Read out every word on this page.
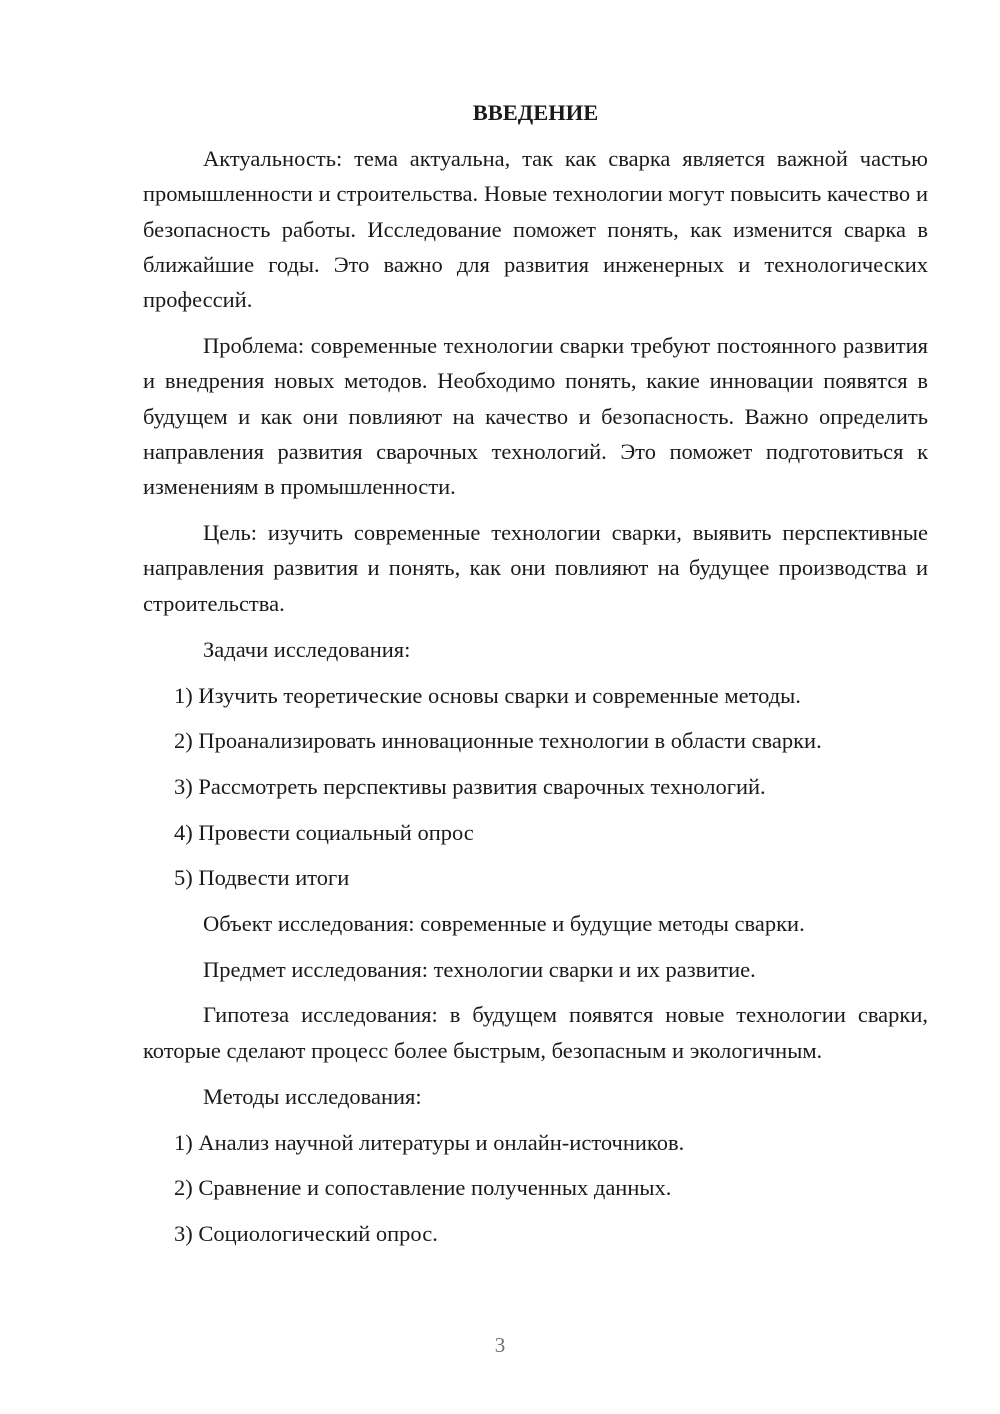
ВВЕДЕНИЕ

Актуальность: тема актуальна, так как сварка является важной частью промышленности и строительства. Новые технологии могут повысить качество и безопасность работы. Исследование поможет понять, как изменится сварка в ближайшие годы. Это важно для развития инженерных и технологических профессий.

Проблема: современные технологии сварки требуют постоянного развития и внедрения новых методов. Необходимо понять, какие инновации появятся в будущем и как они повлияют на качество и безопасность. Важно определить направления развития сварочных технологий. Это поможет подготовиться к изменениям в промышленности.

Цель: изучить современные технологии сварки, выявить перспективные направления развития и понять, как они повлияют на будущее производства и строительства.

Задачи исследования:

1) Изучить теоретические основы сварки и современные методы.
2) Проанализировать инновационные технологии в области сварки.
3) Рассмотреть перспективы развития сварочных технологий.
4) Провести социальный опрос
5) Подвести итоги

Объект исследования: современные и будущие методы сварки.

Предмет исследования: технологии сварки и их развитие.

Гипотеза исследования: в будущем появятся новые технологии сварки, которые сделают процесс более быстрым, безопасным и экологичным.

Методы исследования:

1) Анализ научной литературы и онлайн-источников.
2) Сравнение и сопоставление полученных данных.
3) Социологический опрос.
3
